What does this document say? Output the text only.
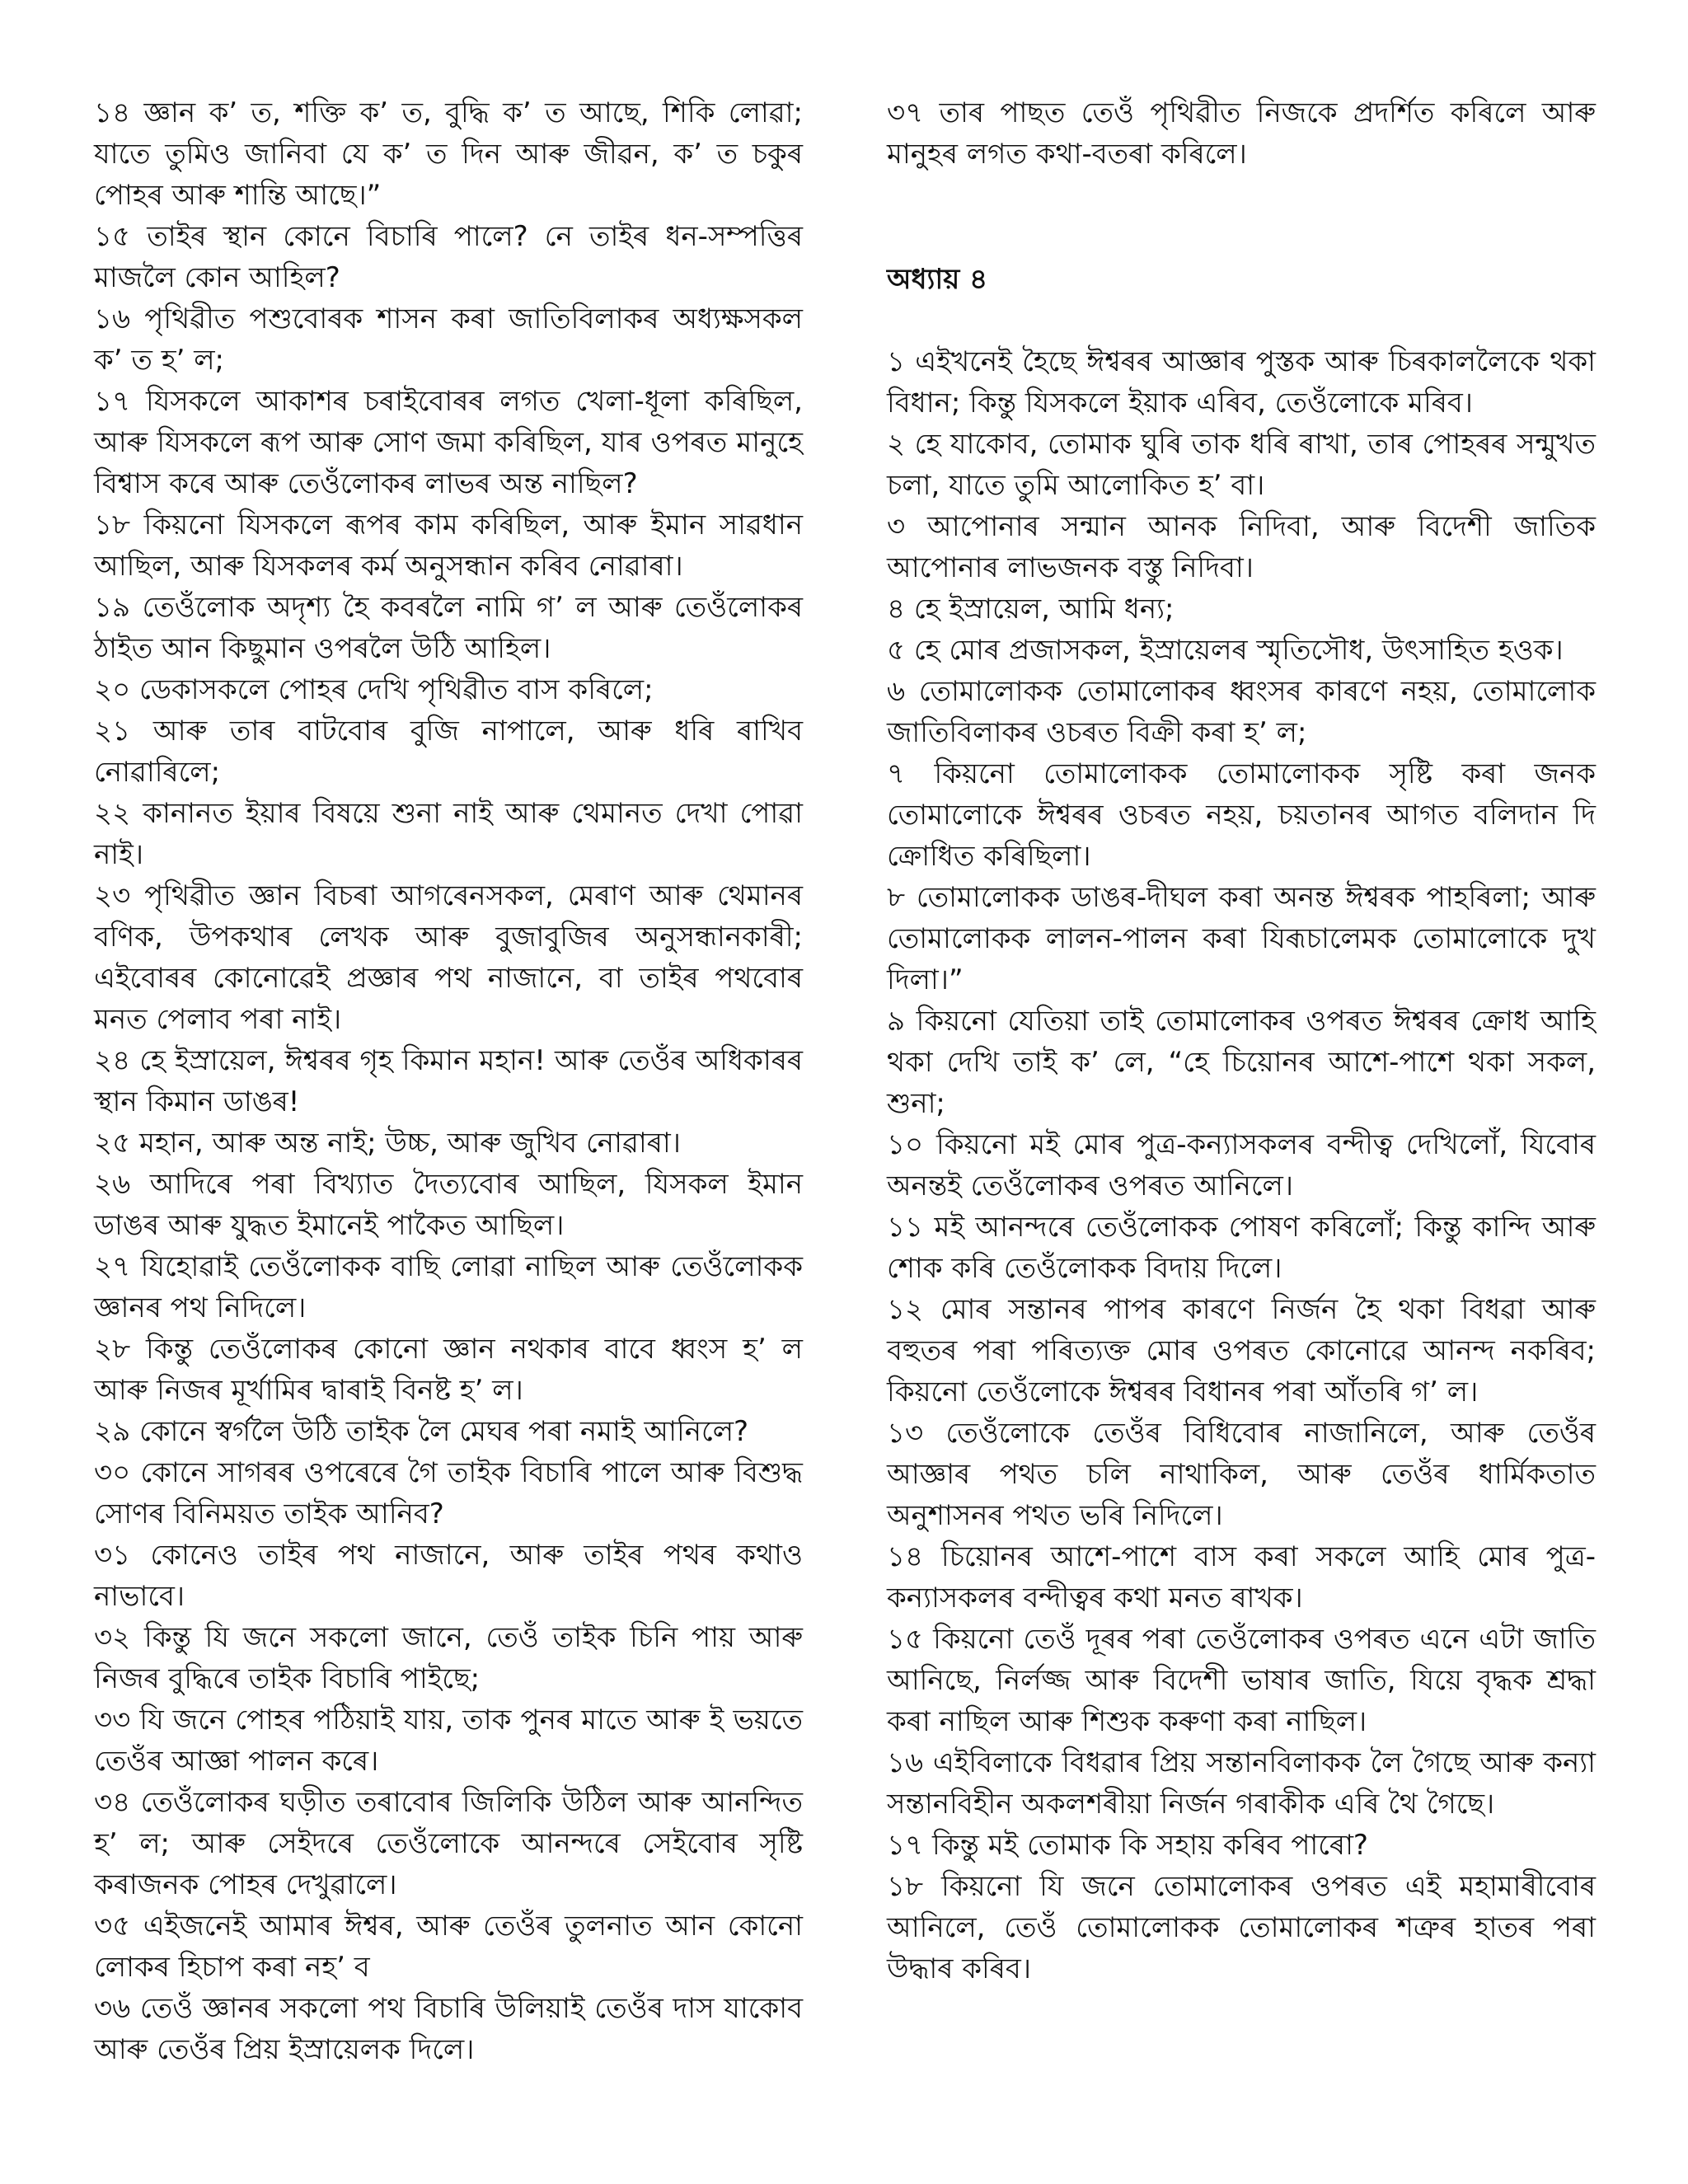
১৪ জ্ঞান ক’ ত, শক্তি ক’ ত, বুদ্ধি ক’ ত আছে, শিকি লোৱা; যাতে তুমিও জানিবা যে ক’ ত দিন আৰু জীৱন, ক’ ত চকুৰ পোহৰ আৰু শান্তি আছে।”

১৫ তাইৰ স্থান কোনে বিচাৰি পালে? নে তাইৰ ধন-সম্পত্তিৰ মাজলৈ কোন আহিল?

১৬ পৃথিৱীত পশুবোৰক শাসন কৰা জাতিবিলাকৰ অধ্যক্ষসকল ক’ ত হ’ ল;

১৭ যিসকলে আকাশৰ চৰাইবোৰৰ লগত খেলা-ধূলা কৰিছিল, আৰু যিসকলে ৰূপ আৰু সোণ জমা কৰিছিল, যাৰ ওপৰত মানুহে বিশ্বাস কৰে আৰু তেওঁলোকৰ লাভৰ অন্ত নাছিল?

১৮ কিয়নো যিসকলে ৰূপৰ কাম কৰিছিল, আৰু ইমান সাৱধান আছিল, আৰু যিসকলৰ কৰ্ম অনুসন্ধান কৰিব নোৱাৰা।

১৯ তেওঁলোক অদৃশ্য হৈ কবৰলৈ নামি গ’ ল আৰু তেওঁলোকৰ ঠাইত আন কিছুমান ওপৰলৈ উঠি আহিল।

২০ ডেকাসকলে পোহৰ দেখি পৃথিৱীত বাস কৰিলে;

২১ আৰু তাৰ বাটবোৰ বুজি নাপালে, আৰু ধৰি ৰাখিব নোৱাৰিলে;

২২ কানানত ইয়াৰ বিষয়ে শুনা নাই আৰু থেমানত দেখা পোৱা নাই।

২৩ পৃথিৱীত জ্ঞান বিচৰা আগৰেনসকল, মেৰাণ আৰু থেমানৰ বণিক, উপকথাৰ লেখক আৰু বুজাবুজিৰ অনুসন্ধানকাৰী; এইবোৰৰ কোনোৱেই প্ৰজ্ঞাৰ পথ নাজানে, বা তাইৰ পথবোৰ মনত পেলাব পৰা নাই।

২৪ হে ইস্রায়েল, ঈশ্বৰৰ গৃহ কিমান মহান! আৰু তেওঁৰ অধিকাৰৰ স্থান কিমান ডাঙৰ!

২৫ মহান, আৰু অন্ত নাই; উচ্চ, আৰু জুখিব নোৱাৰা।

২৬ আদিৰে পৰা বিখ্যাত দৈত্যবোৰ আছিল, যিসকল ইমান ডাঙৰ আৰু যুদ্ধত ইমানেই পাকৈত আছিল।

২৭ যিহোৱাই তেওঁলোকক বাছি লোৱা নাছিল আৰু তেওঁলোকক জ্ঞানৰ পথ নিদিলে।

২৮ কিন্তু তেওঁলোকৰ কোনো জ্ঞান নথকাৰ বাবে ধ্বংস হ’ ল আৰু নিজৰ মূৰ্খামিৰ দ্বাৰাই বিনষ্ট হ’ ল।

২৯ কোনে স্বৰ্গলৈ উঠি তাইক লৈ মেঘৰ পৰা নমাই আনিলে?

৩০ কোনে সাগৰৰ ওপৰেৰে গৈ তাইক বিচাৰি পালে আৰু বিশুদ্ধ সোণৰ বিনিময়ত তাইক আনিব?

৩১ কোনেও তাইৰ পথ নাজানে, আৰু তাইৰ পথৰ কথাও নাভাবে।

৩২ কিন্তু যি জনে সকলো জানে, তেওঁ তাইক চিনি পায় আৰু নিজৰ বুদ্ধিৰে তাইক বিচাৰি পাইছে;

৩৩ যি জনে পোহৰ পঠিয়াই যায়, তাক পুনৰ মাতে আৰু ই ভয়তে তেওঁৰ আজ্ঞা পালন কৰে।

৩৪ তেওঁলোকৰ ঘড়ীত তৰাবোৰ জিলিকি উঠিল আৰু আনন্দিত হ’ ল; আৰু সেইদৰে তেওঁলোকে আনন্দৰে সেইবোৰ সৃষ্টি কৰাজনক পোহৰ দেখুৱালে।

৩৫ এইজনেই আমাৰ ঈশ্বৰ, আৰু তেওঁৰ তুলনাত আন কোনো লোকৰ হিচাপ কৰা নহ’ ব

৩৬ তেওঁ জ্ঞানৰ সকলো পথ বিচাৰি উলিয়াই তেওঁৰ দাস যাকোব আৰু তেওঁৰ প্ৰিয় ইস্রায়েলক দিলে।

৩৭ তাৰ পাছত তেওঁ পৃথিৱীত নিজকে প্ৰদৰ্শিত কৰিলে আৰু মানুহৰ লগত কথা-বতৰা কৰিলে।

অধ্যায় ৪

১ এইখনেই হৈছে ঈশ্বৰৰ আজ্ঞাৰ পুস্তক আৰু চিৰকাললৈকে থকা বিধান; কিন্তু যিসকলে ইয়াক এৰিব, তেওঁলোকে মৰিব।

২ হে যাকোব, তোমাক ঘুৰি তাক ধৰি ৰাখা, তাৰ পোহৰৰ সন্মুখত চলা, যাতে তুমি আলোকিত হ’ বা।

৩ আপোনাৰ সন্মান আনক নিদিবা, আৰু বিদেশী জাতিক আপোনাৰ লাভজনক বস্তু নিদিবা।

৪ হে ইস্রায়েল, আমি ধন্য;

৫ হে মোৰ প্ৰজাসকল, ইস্রায়েলৰ স্মৃতিসৌধ, উৎসাহিত হওক।

৬ তোমালোকক তোমালোকৰ ধ্বংসৰ কাৰণে নহয়, তোমালোক জাতিবিলাকৰ ওচৰত বিক্ৰী কৰা হ’ ল;

৭ কিয়নো তোমালোকক তোমালোকক সৃষ্টি কৰা জনক তোমালোকে ঈশ্বৰৰ ওচৰত নহয়, চয়তানৰ আগত বলিদান দি ক্ৰোধিত কৰিছিলা।

৮ তোমালোকক ডাঙৰ-দীঘল কৰা অনন্ত ঈশ্বৰক পাহৰিলা; আৰু তোমালোকক লালন-পালন কৰা যিৰূচালেমক তোমালোকে দুখ দিলা।”

৯ কিয়নো যেতিয়া তাই তোমালোকৰ ওপৰত ঈশ্বৰৰ ক্ৰোধ আহি থকা দেখি তাই ক’ লে, “হে চিয়োনৰ আশে-পাশে থকা সকল, শুনা;

১০ কিয়নো মই মোৰ পুত্ৰ-কন্যাসকলৰ বন্দীত্ব দেখিলোঁ, যিবোৰ অনন্তই তেওঁলোকৰ ওপৰত আনিলে।

১১ মই আনন্দৰে তেওঁলোকক পোষণ কৰিলোঁ; কিন্তু কান্দি আৰু শোক কৰি তেওঁলোকক বিদায় দিলে।

১২ মোৰ সন্তানৰ পাপৰ কাৰণে নিৰ্জন হৈ থকা বিধৱা আৰু বহুতৰ পৰা পৰিত্যক্ত মোৰ ওপৰত কোনোৱে আনন্দ নকৰিব; কিয়নো তেওঁলোকে ঈশ্বৰৰ বিধানৰ পৰা আঁতৰি গ’ ল।

১৩ তেওঁলোকে তেওঁৰ বিধিবোৰ নাজানিলে, আৰু তেওঁৰ আজ্ঞাৰ পথত চলি নাথাকিল, আৰু তেওঁৰ ধাৰ্মিকতাত অনুশাসনৰ পথত ভৰি নিদিলে।

১৪ চিয়োনৰ আশে-পাশে বাস কৰা সকলে আহি মোৰ পুত্ৰ-কন্যাসকলৰ বন্দীত্বৰ কথা মনত ৰাখক।

১৫ কিয়নো তেওঁ দূৰৰ পৰা তেওঁলোকৰ ওপৰত এনে এটা জাতি আনিছে, নিৰ্লজ্জ আৰু বিদেশী ভাষাৰ জাতি, যিয়ে বৃদ্ধক শ্ৰদ্ধা কৰা নাছিল আৰু শিশুক কৰুণা কৰা নাছিল।

১৬ এইবিলাকে বিধৱাৰ প্ৰিয় সন্তানবিলাকক লৈ গৈছে আৰু কন্যা সন্তানবিহীন অকলশৰীয়া নিৰ্জন গৰাকীক এৰি থৈ গৈছে।

১৭ কিন্তু মই তোমাক কি সহায় কৰিব পাৰো?

১৮ কিয়নো যি জনে তোমালোকৰ ওপৰত এই মহামাৰীবোৰ আনিলে, তেওঁ তোমালোকক তোমালোকৰ শত্ৰুৰ হাতৰ পৰা উদ্ধাৰ কৰিব।
